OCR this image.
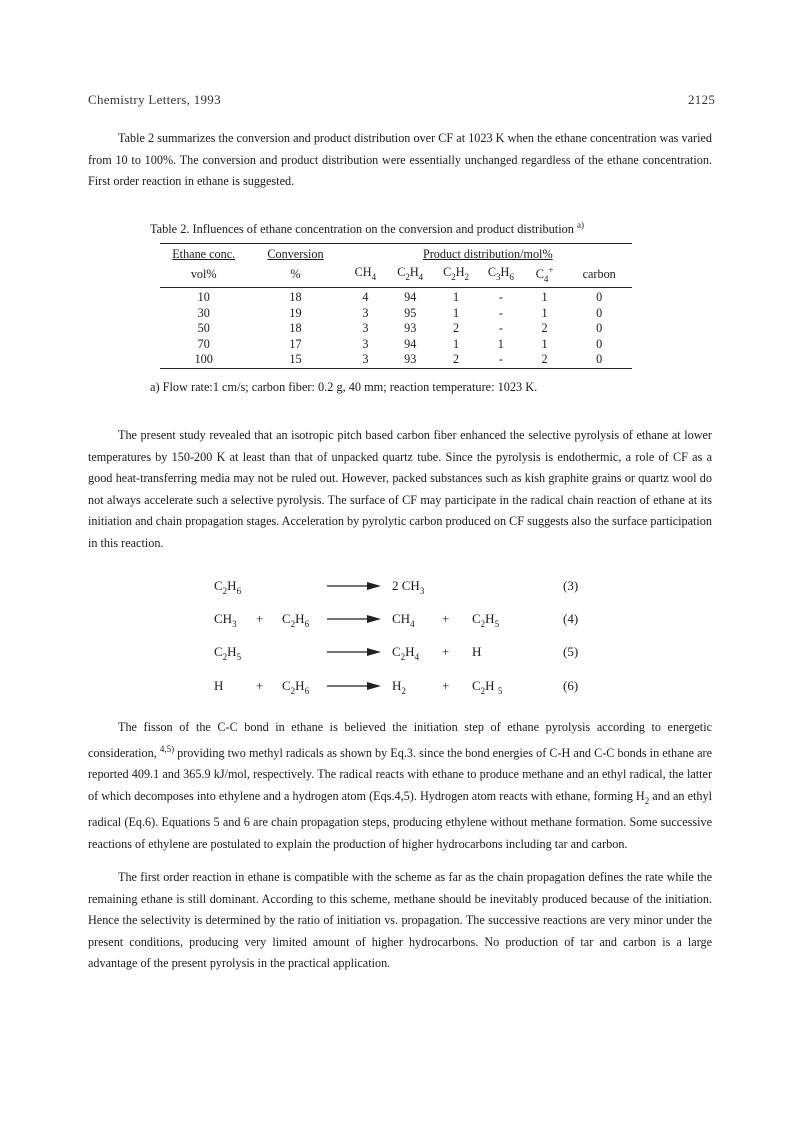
Chemistry Letters, 1993	2125

Table 2 summarizes the conversion and product distribution over CF at 1023 K when the ethane concentration was varied from 10 to 100%. The conversion and product distribution were essentially unchanged regardless of the ethane concentration. First order reaction in ethane is suggested.

Table 2. Influences of ethane concentration on the conversion and product distribution $^{a)}$
Ethane conc.	Conversion	Product distribution/mol%					
vol%	%	$CH_4$	$C_2H_4$	$C_2H_2$	$C_3H_6$	$C_4^+$	carbon
10	18	4	94	1	-	1	0
30	19	3	95	1	-	1	0
50	18	3	93	2	-	2	0
70	17	3	94	1	1	1	0
100	15	3	93	2	-	2	0
a) Flow rate:1 cm/s; carbon fiber: 0.2 g, 40 mm; reaction temperature: 1023 K.

The present study revealed that an isotropic pitch based carbon fiber enhanced the selective pyrolysis of ethane at lower temperatures by 150-200 K at least than that of unpacked quartz tube. Since the pyrolysis is endothermic, a role of CF as a good heat-transferring media may not be ruled out. However, packed substances such as kish graphite grains or quartz wool do not always accelerate such a selective pyrolysis. The surface of CF may participate in the radical chain reaction of ethane at its initiation and chain propagation stages. Acceleration by pyrolytic carbon produced on CF suggests also the surface participation in this reaction.

$C_2H_6$	2 $CH_3$	(3)
$CH_3 + C_2H_6$	$CH_4 + C_2H_5$	(4)
$C_2H_5$	$C_2H_4 + H$	(5)
H	+ $C_2H_6$	$H_2$	+ $C_2H$ $_5$	(6)

The fisson of the C-C bond in ethane is believed the initiation step of ethane pyrolysis according to energetic consideration, $^{4,5)}$ providing two methyl radicals as shown by Eq.3. since the bond energies of C-H and C-C bonds in ethane are reported 409.1 and 365.9 kJ/mol, respectively. The radical reacts with ethane to produce methane and an ethyl radical, the latter of which decomposes into ethylene and a hydrogen atom (Eqs.4,5). Hydrogen atom reacts with ethane, forming $H_2$ and an ethyl radical (Eq.6). Equations 5 and 6 are chain propagation steps, producing ethylene without methane formation. Some successive reactions of ethylene are postulated to explain the production of higher hydrocarbons including tar and carbon.

The first order reaction in ethane is compatible with the scheme as far as the chain propagation defines the rate while the remaining ethane is still dominant. According to this scheme, methane should be inevitably produced because of the initiation. Hence the selectivity is determined by the ratio of initiation vs. propagation. The successive reactions are very minor under the present conditions, producing very limited amount of higher hydrocarbons. No production of tar and carbon is a large advantage of the present pyrolysis in the practical application.
